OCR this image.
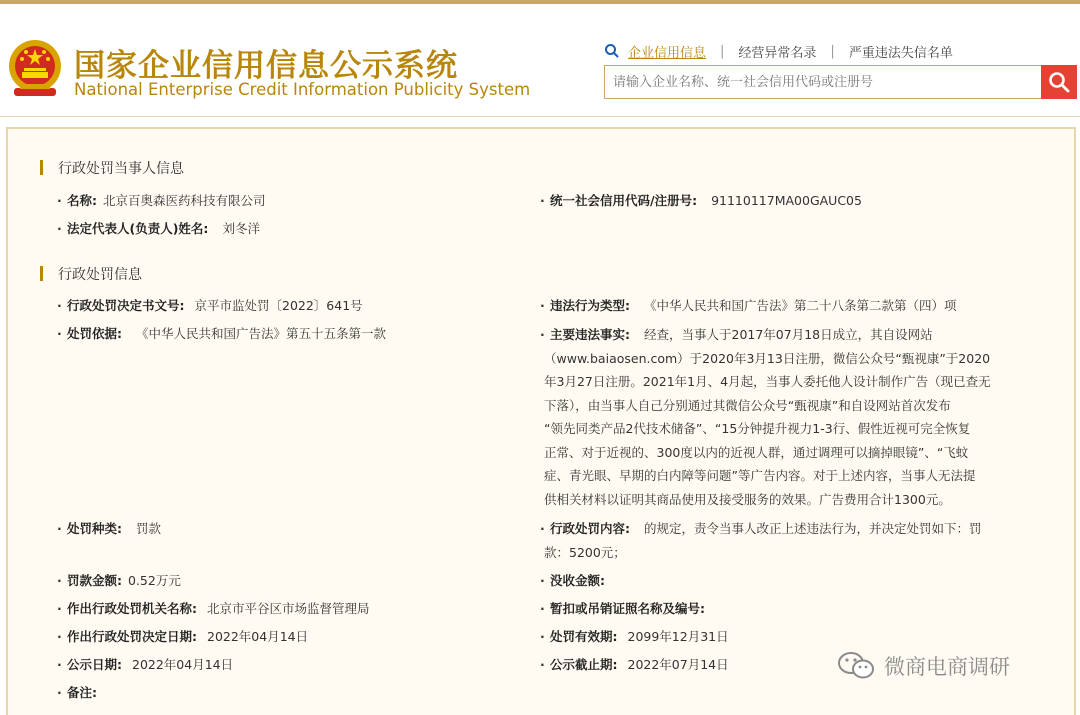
国家企业信用信息公示系统
National Enterprise Credit Information Publicity System
企业信用信息 | 经营异常名录 | 严重违法失信名单
请输入企业名称、统一社会信用代码或注册号
行政处罚当事人信息
· 名称: 北京百奥森医药科技有限公司	· 统一社会信用代码/注册号: 91110117MA00GAUC05
· 法定代表人(负责人)姓名: 刘冬洋
行政处罚信息
· 行政处罚决定书文号: 京平市监处罚〔2022〕641号	· 违法行为类型: 《中华人民共和国广告法》第二十八条第二款第（四）项
· 处罚依据: 《中华人民共和国广告法》第五十五条第一款	· 主要违法事实: 经查，当事人于2017年07月18日成立，其自设网站
（www.baiaosen.com）于2020年3月13日注册，微信公众号“甄视康”于2020
年3月27日注册。2021年1月、4月起，当事人委托他人设计制作广告（现已查无
下落），由当事人自己分别通过其微信公众号“甄视康”和自设网站首次发布
“领先同类产品2代技术储备”、“15分钟提升视力1-3行、假性近视可完全恢复
正常、对于近视的、300度以内的近视人群，通过调理可以摘掉眼镜”、“飞蚊
症、青光眼、早期的白内障等问题”等广告内容。对于上述内容，当事人无法提
供相关材料以证明其商品使用及接受服务的效果。广告费用合计1300元。
· 处罚种类: 罚款	· 行政处罚内容: 的规定，责令当事人改正上述违法行为，并决定处罚如下：罚
款：5200元；
· 罚款金额: 0.52万元	· 没收金额:
· 作出行政处罚机关名称: 北京市平谷区市场监督管理局	· 暂扣或吊销证照名称及编号:
· 作出行政处罚决定日期: 2022年04月14日	· 处罚有效期: 2099年12月31日
· 公示日期: 2022年04月14日	· 公示截止期: 2022年07月14日
· 备注:
微商电商调研
